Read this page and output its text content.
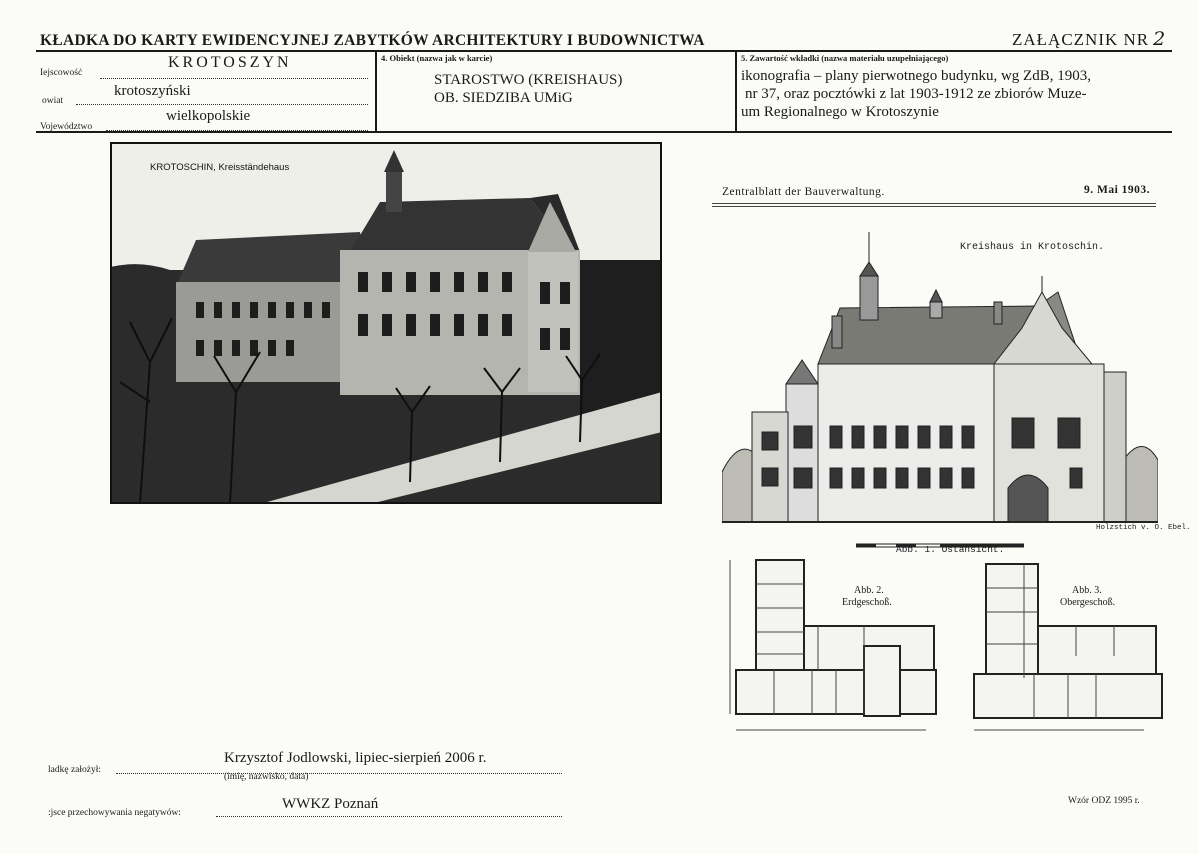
KŁADKA DO KARTY EWIDENCYJNEJ ZABYTKÓW ARCHITEKTURY I BUDOWNICTWA	ZAŁĄCZNIK NR 2
KROTOSZYN
Iejscowość
krotoszyński
owiat
wielkopolskie
Vojewództwo
4. Obiekt (nazwa jak w karcie)
STAROSTWO (KREISHAUS)
OB. SIEDZIBA UMiG
5. Zawartość wkładki (nazwa materiału uzupełniającego)
ikonografia – plany pierwotnego budynku, wg ZdB, 1903,
nr 37, oraz pocztówki z lat 1903-1912 ze zbiorów Muze-
um Regionalnego w Krotoszynie
KROTOSCHIN, Kreisständehaus
Zentralblatt der Bauverwaltung.	9. Mai 1903.
Kreishaus in Krotoschin.
Holzstich v. O. Ebel.
Abb. 1. Ostansicht.
Abb. 2.
Erdgeschoß.
Abb. 3.
Obergeschoß.
Krzysztof Jodlowski, lipiec-sierpień 2006 r.
ladkę założył:
(imię, nazwisko, data)
WWKZ Poznań
:jsce przechowywania negatywów:
Wzór ODZ 1995 r.
